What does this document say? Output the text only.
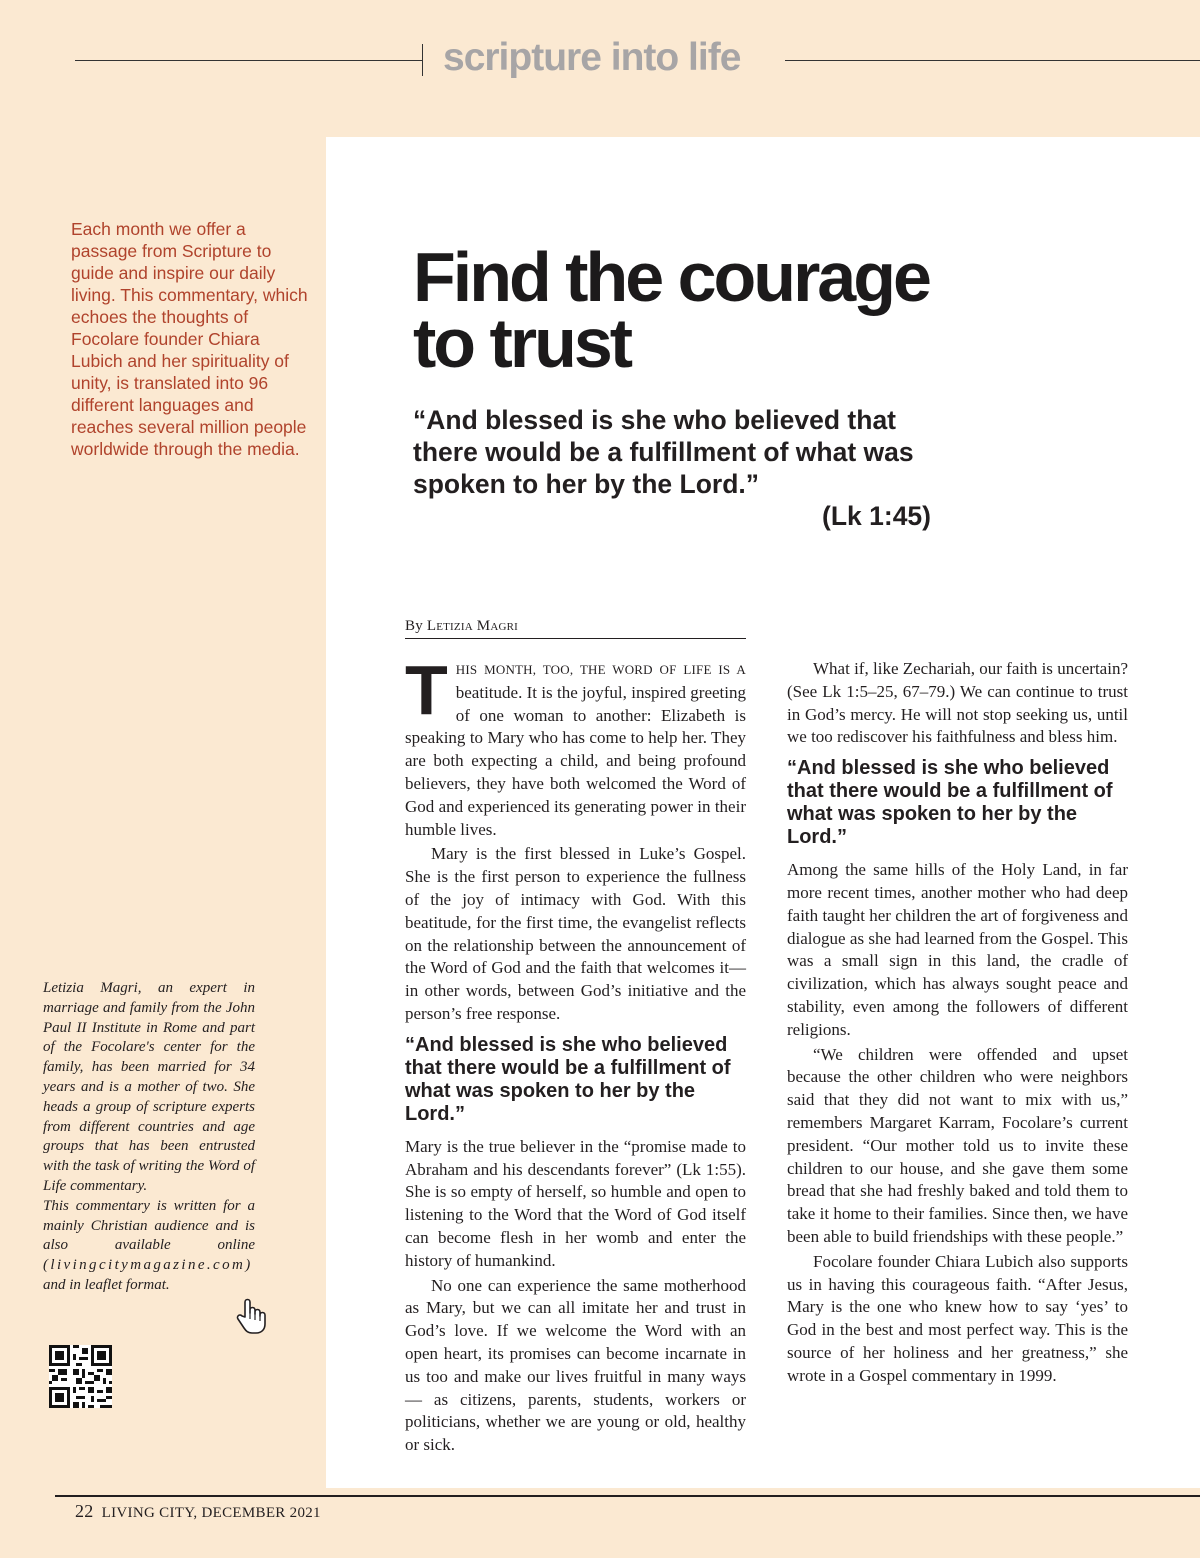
scripture into life
Each month we offer a passage from Scripture to guide and inspire our daily living. This commentary, which echoes the thoughts of Focolare founder Chiara Lubich and her spirituality of unity, is translated into 96 different languages and reaches several million people worldwide through the media.
Letizia Magri, an expert in marriage and family from the John Paul II Institute in Rome and part of the Focolare's center for the family, has been married for 34 years and is a mother of two. She heads a group of scripture experts from different countries and age groups that has been entrusted with the task of writing the Word of Life commentary.
This commentary is written for a mainly Christian audience and is also available online (livingcitymagazine.com) and in leaflet format.
Find the courage
to trust
“And blessed is she who believed that there would be a fulfillment of what was spoken to her by the Lord.”
(Lk 1:45)
By Letizia Magri

THIS MONTH, TOO, THE WORD OF LIFE IS A beatitude. It is the joyful, inspired greeting of one woman to another: Elizabeth is speaking to Mary who has come to help her. They are both expecting a child, and being profound believers, they have both welcomed the Word of God and experienced its generating power in their humble lives.

Mary is the first blessed in Luke’s Gospel. She is the first person to experience the fullness of the joy of intimacy with God. With this beatitude, for the first time, the evangelist reflects on the relationship between the announcement of the Word of God and the faith that welcomes it—in other words, between God’s initiative and the person’s free response.

“And blessed is she who believed that there would be a fulfillment of what was spoken to her by the Lord.”

Mary is the true believer in the “promise made to Abraham and his descendants forever” (Lk 1:55). She is so empty of herself, so humble and open to listening to the Word that the Word of God itself can become flesh in her womb and enter the history of humankind.

No one can experience the same motherhood as Mary, but we can all imitate her and trust in God’s love. If we welcome the Word with an open heart, its promises can become incarnate in us too and make our lives fruitful in many ways — as citizens, parents, students, workers or politicians, whether we are young or old, healthy or sick.

What if, like Zechariah, our faith is uncertain? (See Lk 1:5–25, 67–79.) We can continue to trust in God’s mercy. He will not stop seeking us, until we too rediscover his faithfulness and bless him.

“And blessed is she who believed that there would be a fulfillment of what was spoken to her by the Lord.”

Among the same hills of the Holy Land, in far more recent times, another mother who had deep faith taught her children the art of forgiveness and dialogue as she had learned from the Gospel. This was a small sign in this land, the cradle of civilization, which has always sought peace and stability, even among the followers of different religions.

“We children were offended and upset because the other children who were neighbors said that they did not want to mix with us,” remembers Margaret Karram, Focolare’s current president. “Our mother told us to invite these children to our house, and she gave them some bread that she had freshly baked and told them to take it home to their families. Since then, we have been able to build friendships with these people.”

Focolare founder Chiara Lubich also supports us in having this courageous faith. “After Jesus, Mary is the one who knew how to say ‘yes’ to God in the best and most perfect way. This is the source of her holiness and her greatness,” she wrote in a Gospel commentary in 1999.

22 LIVING CITY, DECEMBER 2021
